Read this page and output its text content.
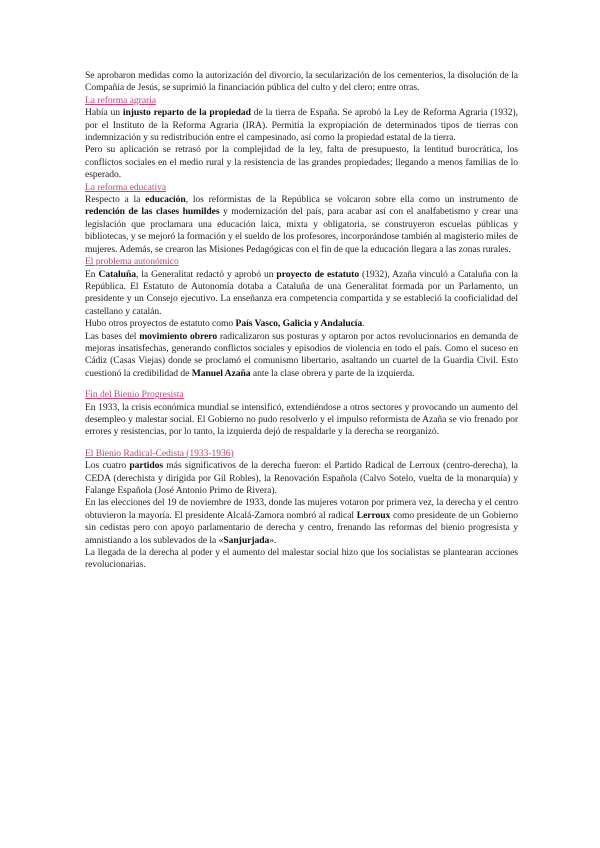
Se aprobaron medidas como la autorización del divorcio, la secularización de los cementerios, la disolución de la Compañía de Jesús, se suprimió la financiación pública del culto y del clero; entre otras.

La reforma agraria

Había un injusto reparto de la propiedad de la tierra de España. Se aprobó la Ley de Reforma Agraria (1932), por el Instituto de la Reforma Agraria (IRA). Permitía la expropiación de determinados tipos de tierras con indemnización y su redistribución entre el campesinado, así como la propiedad estatal de la tierra.

Pero su aplicación se retrasó por la complejidad de la ley, falta de presupuesto, la lentitud burocrática, los conflictos sociales en el medio rural y la resistencia de las grandes propiedades; llegando a menos familias de lo esperado.

La reforma educativa

Respecto a la educación, los reformistas de la República se volcaron sobre ella como un instrumento de redención de las clases humildes y modernización del país, para acabar así con el analfabetismo y crear una legislación que proclamara una educación laica, mixta y obligatoria, se construyeron escuelas públicas y bibliotecas, y se mejoró la formación y el sueldo de los profesores, incorporándose también al magisterio miles de mujeres. Además, se crearon las Misiones Pedagógicas con el fin de que la educación llegara a las zonas rurales.

El problema autonómico

En Cataluña, la Generalitat redactó y aprobó un proyecto de estatuto (1932), Azaña vinculó a Cataluña con la República. El Estatuto de Autonomía dotaba a Cataluña de una Generalitat formada por un Parlamento, un presidente y un Consejo ejecutivo. La enseñanza era competencia compartida y se estableció la cooficialidad del castellano y catalán.

Hubo otros proyectos de estatuto como País Vasco, Galicia y Andalucía.

Las bases del movimiento obrero radicalizaron sus posturas y optaron por actos revolucionarios en demanda de mejoras insatisfechas, generando conflictos sociales y episodios de violencia en todo el país. Como el suceso en Cádiz (Casas Viejas) donde se proclamó el comunismo libertario, asaltando un cuartel de la Guardia Civil. Esto cuestionó la credibilidad de Manuel Azaña ante la clase obrera y parte de la izquierda.

Fin del Bienio Progresista

En 1933, la crisis económica mundial se intensificó, extendiéndose a otros sectores y provocando un aumento del desempleo y malestar social. El Gobierno no pudo resolverlo y el impulso reformista de Azaña se vio frenado por errores y resistencias, por lo tanto, la izquierda dejó de respaldarle y la derecha se reorganizó.

El Bienio Radical-Cedista (1933-1936)

Los cuatro partidos más significativos de la derecha fueron: el Partido Radical de Lerroux (centro-derecha), la CEDA (derechista y dirigida por Gil Robles), la Renovación Española (Calvo Sotelo, vuelta de la monarquía) y Falange Española (José Antonio Primo de Rivera).

En las elecciones del 19 de noviembre de 1933, donde las mujeres votaron por primera vez, la derecha y el centro obtuvieron la mayoría. El presidente Alcalá-Zamora nombró al radical Lerroux como presidente de un Gobierno sin cedistas pero con apoyo parlamentario de derecha y centro, frenando las reformas del bienio progresista y amnistiando a los sublevados de la «Sanjurjada».

La llegada de la derecha al poder y el aumento del malestar social hizo que los socialistas se plantearan acciones revolucionarias.
